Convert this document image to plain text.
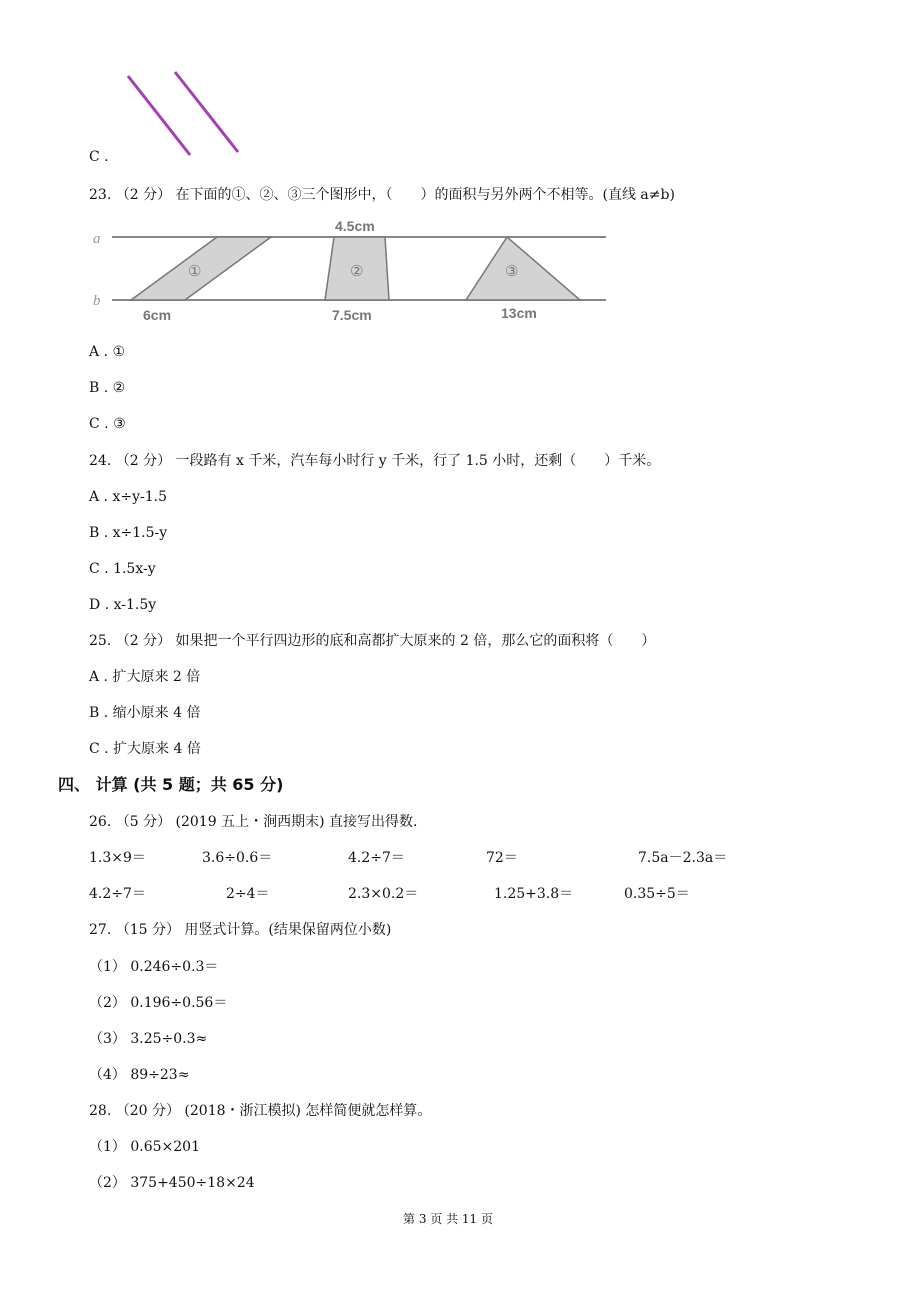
a
b
①	②	③
4.5cm
6cm	7.5cm	13cm
C .
23. （2 分） 在下面的①、②、③三个图形中，（　　）的面积与另外两个不相等。(直线 a≠b)
A . ①
B . ②
C . ③
24. （2 分） 一段路有 x 千米，汽车每小时行 y 千米，行了 1.5 小时，还剩（　　）千米。
A . x÷y-1.5
B . x÷1.5-y
C . 1.5x-y
D . x-1.5y
25. （2 分） 如果把一个平行四边形的底和高都扩大原来的 2 倍，那么它的面积将（　　）
A . 扩大原来 2 倍
B . 缩小原来 4 倍
C . 扩大原来 4 倍
四、 计算 (共 5 题；共 65 分)
26. （5 分） (2019 五上・涧西期末) 直接写出得数.
1.3×9＝	3.6÷0.6＝	4.2÷7＝	72＝	7.5a－2.3a＝
4.2÷7＝	2÷4＝	2.3×0.2＝	1.25+3.8＝	0.35÷5＝
27. （15 分） 用竖式计算。(结果保留两位小数)
（1） 0.246÷0.3＝
（2） 0.196÷0.56＝
（3） 3.25÷0.3≈
（4） 89÷23≈
28. （20 分） (2018・浙江模拟) 怎样简便就怎样算。
（1） 0.65×201
（2） 375+450÷18×24
第 3 页 共 11 页
